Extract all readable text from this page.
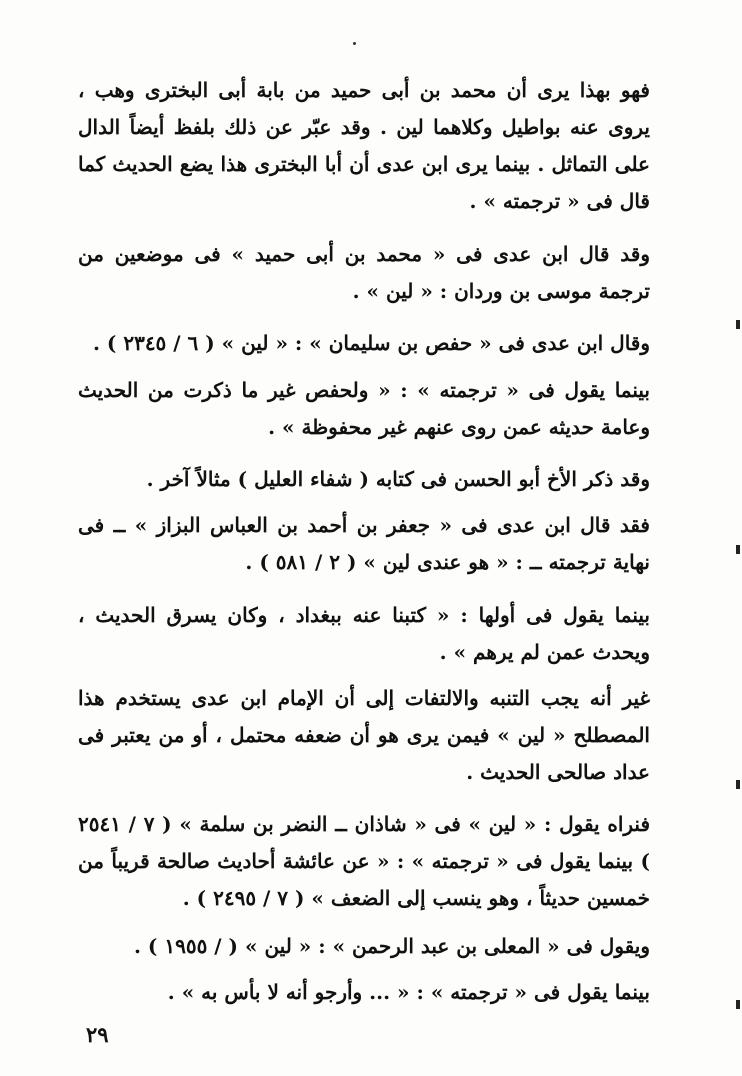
فهو بهذا يرى أن محمد بن أبى حميد من بابة أبى البخترى وهب ، يروى عنه بواطيل وكلاهما لين . وقد عبّر عن ذلك بلفظ أيضاً الدال على التماثل . بينما يرى ابن عدى أن أبا البخترى هذا يضع الحديث كما قال فى « ترجمته » .

وقد قال ابن عدى فى « محمد بن أبى حميد » فى موضعين من ترجمة موسى بن وردان : « لين » .

وقال ابن عدى فى « حفص بن سليمان » : « لين » ( ٦ / ٢٣٤٥ ) .

بينما يقول فى « ترجمته » : « ولحفص غير ما ذكرت من الحديث وعامة حديثه عمن روى عنهم غير محفوظة » .

وقد ذكر الأخ أبو الحسن فى كتابه ( شفاء العليل ) مثالاً آخر .

فقد قال ابن عدى فى « جعفر بن أحمد بن العباس البزاز » ــ فى نهاية ترجمته ــ : « هو عندى لين » ( ٢ / ٥٨١ ) .

بينما يقول فى أولها : « كتبنا عنه ببغداد ، وكان يسرق الحديث ، ويحدث عمن لم يرهم » .

غير أنه يجب التنبه والالتفات إلى أن الإمام ابن عدى يستخدم هذا المصطلح « لين » فيمن يرى هو أن ضعفه محتمل ، أو من يعتبر فى عداد صالحى الحديث .

فنراه يقول : « لين » فى « شاذان ــ النضر بن سلمة » ( ٧ / ٢٥٤١ ) بينما يقول فى « ترجمته » : « عن عائشة أحاديث صالحة قريباً من خمسين حديثاً ، وهو ينسب إلى الضعف » ( ٧ / ٢٤٩٥ ) .

ويقول فى « المعلى بن عبد الرحمن » : « لين » ( / ١٩٥٥ ) .

بينما يقول فى « ترجمته » : « ... وأرجو أنه لا بأس به » .

٢٩
